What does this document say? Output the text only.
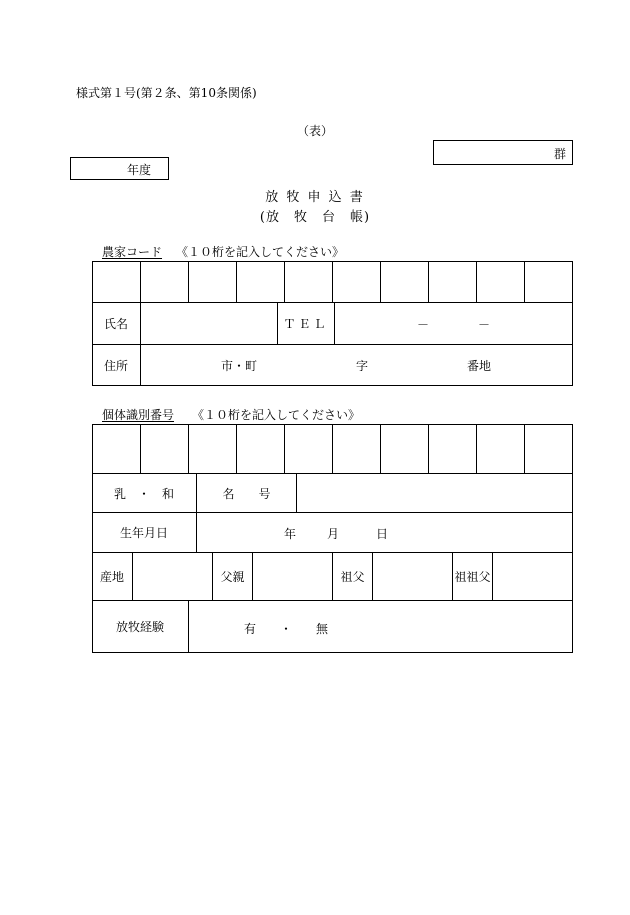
様式第１号(第２条、第10条関係)
（表）
群
年度
放 牧 申 込 書
(放　牧　台　帳)
農家コード 《１０桁を記入してください》

氏名	ＴＥＬ	－	－
住所	市・町	字	番地
個体識別番号 《１０桁を記入してください》

乳　・　和	名　　号
生年月日	年	月	日
産地	父親	祖父	祖祖父
放牧経験	有　　・　　無
